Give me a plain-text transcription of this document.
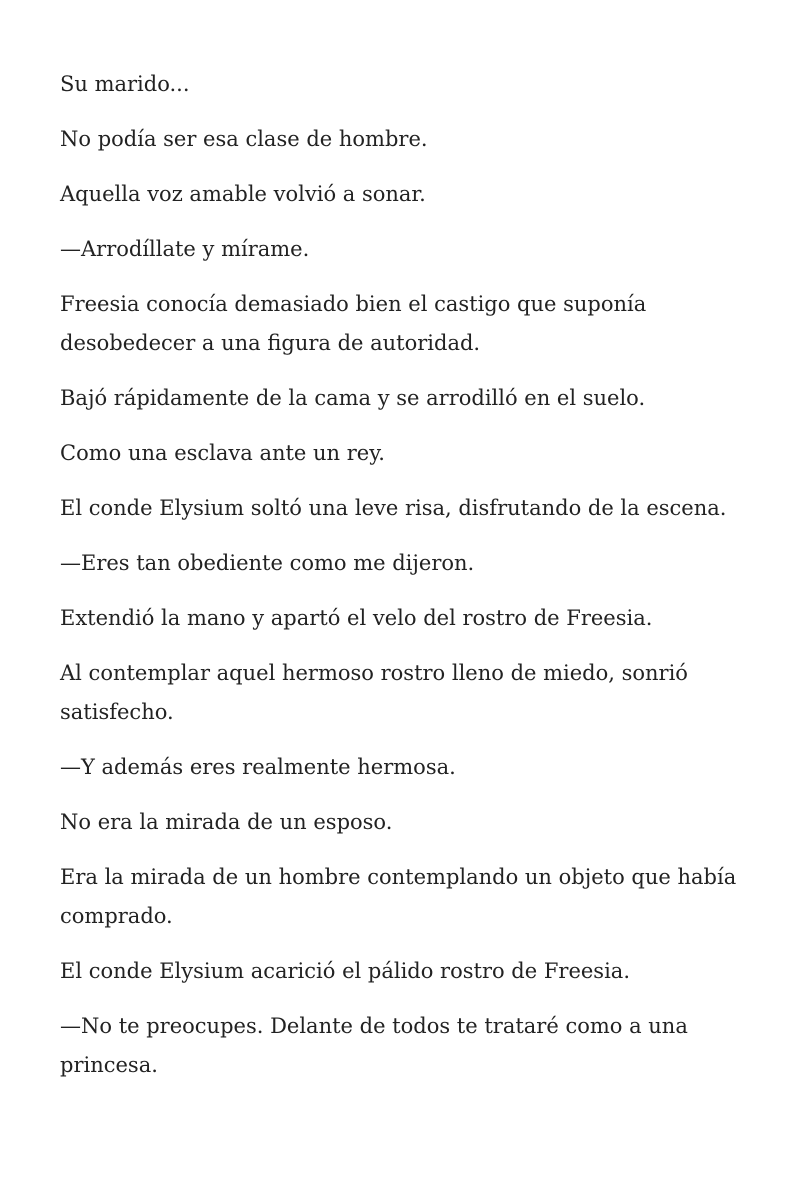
Su marido...

No podía ser esa clase de hombre.

Aquella voz amable volvió a sonar.

—Arrodíllate y mírame.

Freesia conocía demasiado bien el castigo que suponía desobedecer a una figura de autoridad.

Bajó rápidamente de la cama y se arrodilló en el suelo.

Como una esclava ante un rey.

El conde Elysium soltó una leve risa, disfrutando de la escena.

—Eres tan obediente como me dijeron.

Extendió la mano y apartó el velo del rostro de Freesia.

Al contemplar aquel hermoso rostro lleno de miedo, sonrió satisfecho.

—Y además eres realmente hermosa.

No era la mirada de un esposo.

Era la mirada de un hombre contemplando un objeto que había comprado.

El conde Elysium acarició el pálido rostro de Freesia.

—No te preocupes. Delante de todos te trataré como a una princesa.
